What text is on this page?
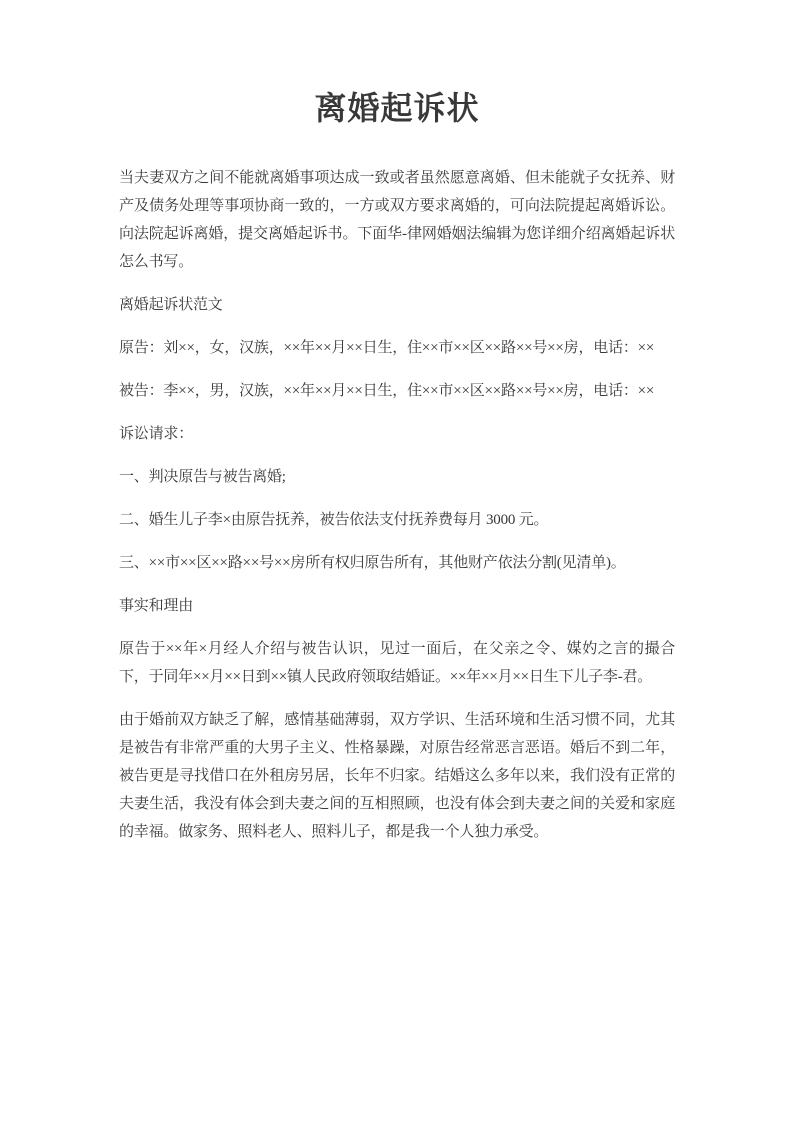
离婚起诉状

当夫妻双方之间不能就离婚事项达成一致或者虽然愿意离婚、但未能就子女抚养、财产及债务处理等事项协商一致的，一方或双方要求离婚的，可向法院提起离婚诉讼。向法院起诉离婚，提交离婚起诉书。下面华-律网婚姻法编辑为您详细介绍离婚起诉状怎么书写。

离婚起诉状范文

原告：刘××，女，汉族，××年××月××日生，住××市××区××路××号××房，电话：××

被告：李××，男，汉族，××年××月××日生，住××市××区××路××号××房，电话：××

诉讼请求：

一、判决原告与被告离婚;

二、婚生儿子李×由原告抚养，被告依法支付抚养费每月 3000 元。

三、××市××区××路××号××房所有权归原告所有，其他财产依法分割(见清单)。

事实和理由

原告于××年×月经人介绍与被告认识，见过一面后，在父亲之令、媒妁之言的撮合下，于同年××月××日到××镇人民政府领取结婚证。××年××月××日生下儿子李-君。

由于婚前双方缺乏了解，感情基础薄弱，双方学识、生活环境和生活习惯不同，尤其是被告有非常严重的大男子主义、性格暴躁，对原告经常恶言恶语。婚后不到二年，被告更是寻找借口在外租房另居，长年不归家。结婚这么多年以来，我们没有正常的夫妻生活，我没有体会到夫妻之间的互相照顾，也没有体会到夫妻之间的关爱和家庭的幸福。做家务、照料老人、照料儿子，都是我一个人独力承受。
